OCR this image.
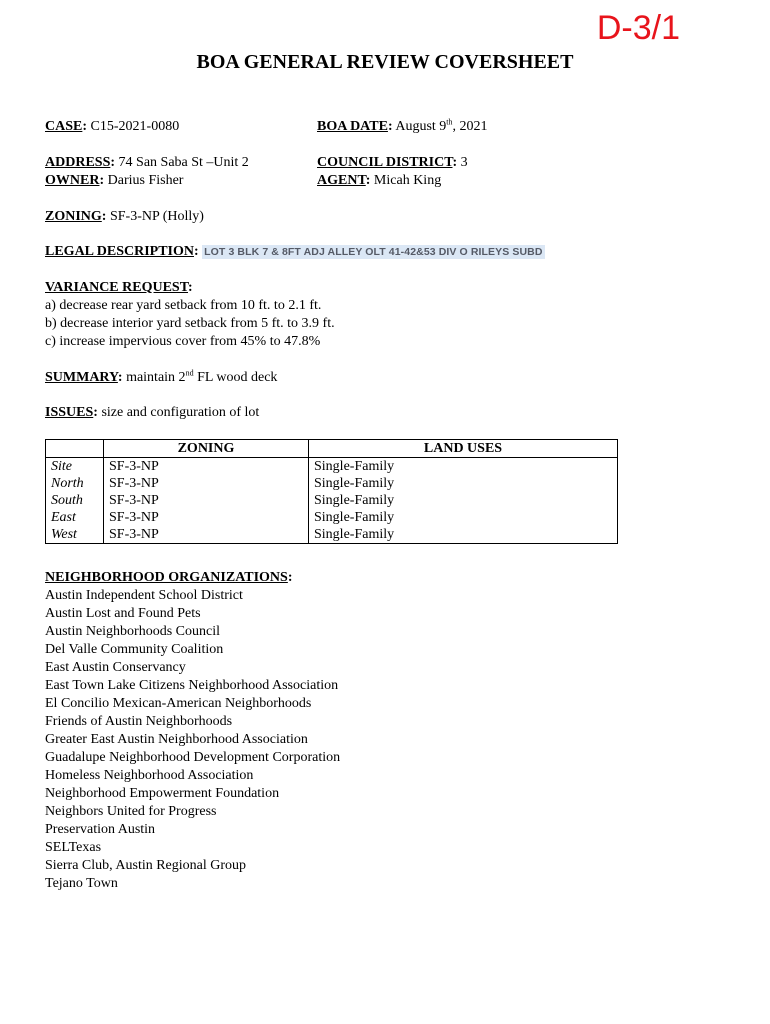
D-3/1
BOA GENERAL REVIEW COVERSHEET
CASE: C15-2021-0080	BOA DATE: August 9th, 2021
ADDRESS: 74 San Saba St –Unit 2	COUNCIL DISTRICT: 3
OWNER: Darius Fisher	AGENT: Micah King
ZONING: SF-3-NP (Holly)
LEGAL DESCRIPTION: LOT 3 BLK 7 & 8FT ADJ ALLEY OLT 41-42&53 DIV O RILEYS SUBD
VARIANCE REQUEST:
a) decrease rear yard setback from 10 ft. to 2.1 ft.
b) decrease interior yard setback from 5 ft. to 3.9 ft.
c) increase impervious cover from 45% to 47.8%
SUMMARY: maintain 2nd FL wood deck
ISSUES: size and configuration of lot
	ZONING	LAND USES
Site	SF-3-NP	Single-Family
North	SF-3-NP	Single-Family
South	SF-3-NP	Single-Family
East	SF-3-NP	Single-Family
West	SF-3-NP	Single-Family
NEIGHBORHOOD ORGANIZATIONS:
Austin Independent School District
Austin Lost and Found Pets
Austin Neighborhoods Council
Del Valle Community Coalition
East Austin Conservancy
East Town Lake Citizens Neighborhood Association
El Concilio Mexican-American Neighborhoods
Friends of Austin Neighborhoods
Greater East Austin Neighborhood Association
Guadalupe Neighborhood Development Corporation
Homeless Neighborhood Association
Neighborhood Empowerment Foundation
Neighbors United for Progress
Preservation Austin
SELTexas
Sierra Club, Austin Regional Group
Tejano Town
